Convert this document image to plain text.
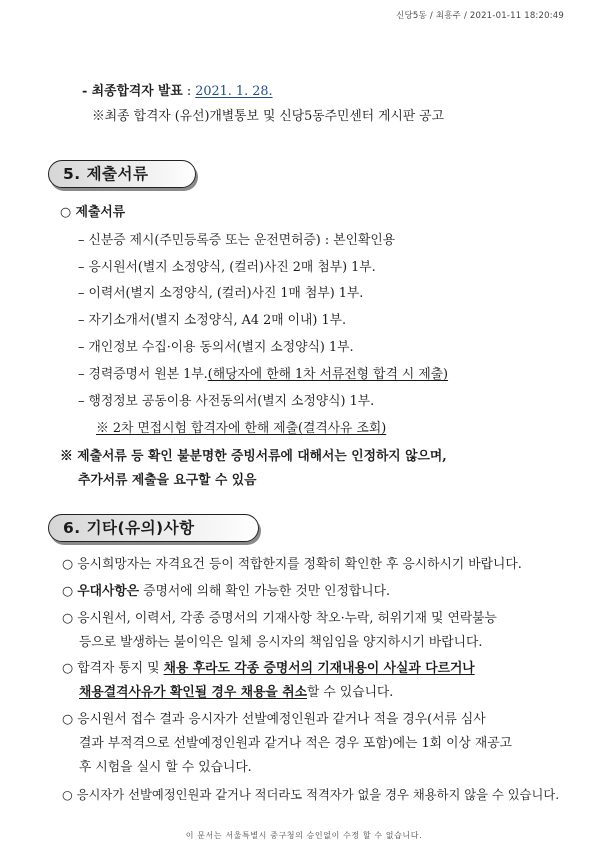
신당5동 / 최흥주 / 2021-01-11 18:20:49
- 최종합격자 발표 : 2021. 1. 28.
※최종 합격자 (유선)개별통보 및 신당5동주민센터 게시판 공고
5. 제출서류
○ 제출서류
– 신분증 제시(주민등록증 또는 운전면허증) : 본인확인용
– 응시원서(별지 소정양식, (컬러)사진 2매 첨부) 1부.
– 이력서(별지 소정양식, (컬러)사진 1매 첨부) 1부.
– 자기소개서(별지 소정양식, A4 2매 이내) 1부.
– 개인정보 수집·이용 동의서(별지 소정양식) 1부.
– 경력증명서 원본 1부.(해당자에 한해 1차 서류전형 합격 시 제출)
– 행정정보 공동이용 사전동의서(별지 소정양식) 1부.
※ 2차 면접시험 합격자에 한해 제출(결격사유 조회)
※ 제출서류 등 확인 불분명한 증빙서류에 대해서는 인정하지 않으며,
추가서류 제출을 요구할 수 있음
6. 기타(유의)사항
○ 응시희망자는 자격요건 등이 적합한지를 정확히 확인한 후 응시하시기 바랍니다.
○ 우대사항은 증명서에 의해 확인 가능한 것만 인정합니다.
○ 응시원서, 이력서, 각종 증명서의 기재사항 착오·누락, 허위기재 및 연락불능
등으로 발생하는 불이익은 일체 응시자의 책임임을 양지하시기 바랍니다.
○ 합격자 통지 및 채용 후라도 각종 증명서의 기재내용이 사실과 다르거나
채용결격사유가 확인될 경우 채용을 취소할 수 있습니다.
○ 응시원서 접수 결과 응시자가 선발예정인원과 같거나 적을 경우(서류 심사
결과 부적격으로 선발예정인원과 같거나 적은 경우 포함)에는 1회 이상 재공고
후 시험을 실시 할 수 있습니다.
○ 응시자가 선발예정인원과 같거나 적더라도 적격자가 없을 경우 채용하지 않을 수 있습니다.
이 문서는 서울특별시 중구청의 승인없이 수정 할 수 없습니다.
